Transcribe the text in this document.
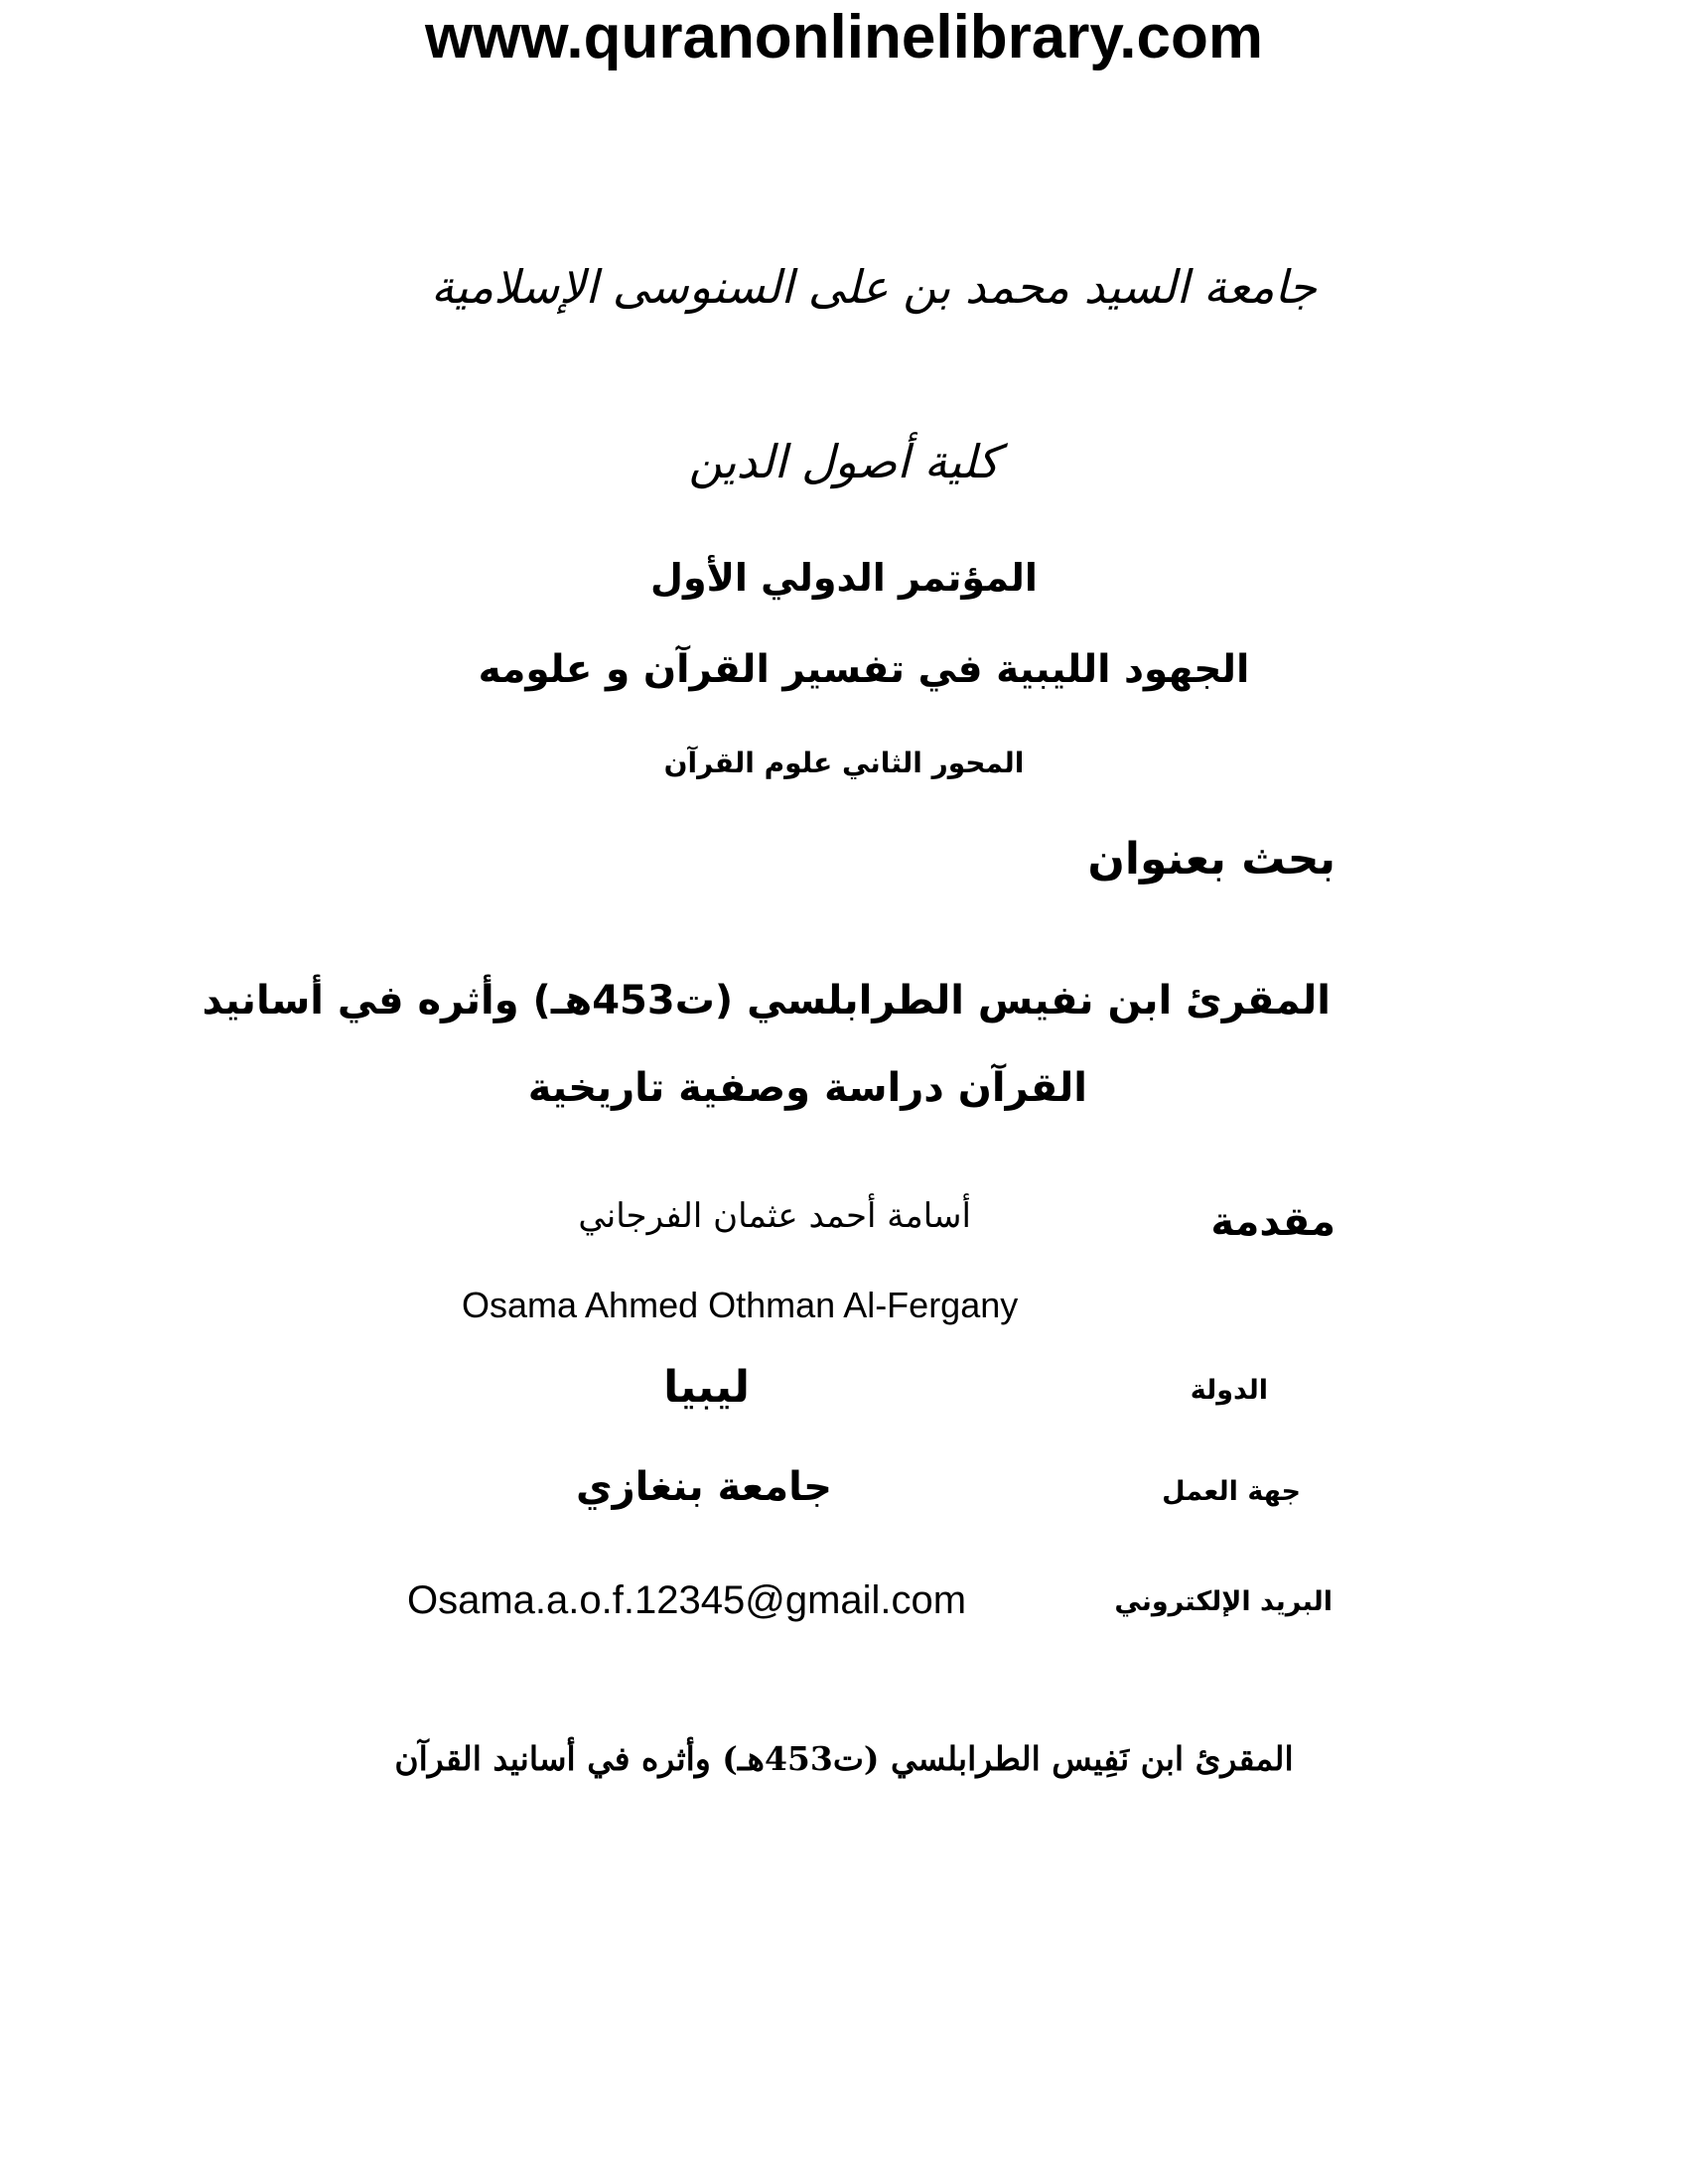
www.quranonlinelibrary.com
جامعة السيد محمد بن على السنوسى الإسلامية
كلية أصول الدين
المؤتمر الدولي الأول
الجهود الليبية في تفسير القرآن و علومه
المحور الثاني علوم القرآن
بحث بعنوان
المقرئ ابن نفيس الطرابلسي (ت453هـ) وأثره في أسانيد
القرآن دراسة وصفية تاريخية
مقدمة
أسامة أحمد عثمان الفرجاني
Osama Ahmed Othman Al-Fergany
الدولة
ليبيا
جهة العمل
جامعة بنغازي
البريد الإلكتروني
Osama.a.o.f.12345@gmail.com
المقرئ ابن نَفِيس الطرابلسي (ت453هـ) وأثره في أسانيد القرآن
